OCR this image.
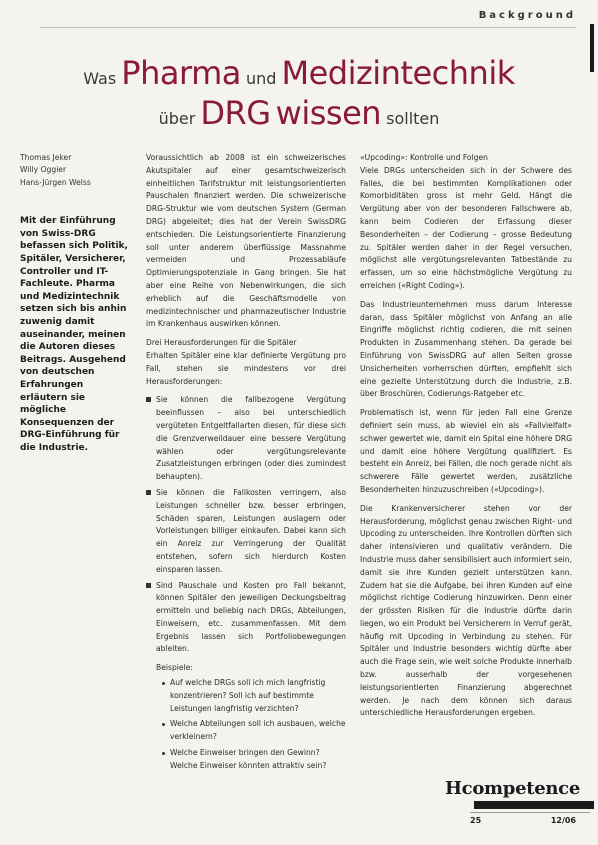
Background
Was Pharma und Medizintechnik
über DRG wissen sollten
Thomas Jeker
Willy Oggier
Hans-Jürgen Welss
Mit der Einführung von Swiss-DRG befassen sich Politik, Spitäler, Versicherer, Controller und IT-Fachleute. Pharma und Medizintechnik setzen sich bis anhin zuwenig damit auseinander, meinen die Autoren dieses Beitrags. Ausgehend von deutschen Erfahrungen erläutern sie mögliche Konsequenzen der DRG-Einführung für die Industrie.

Voraussichtlich ab 2008 ist ein schweizerisches Akutspitaler auf einer gesamtschweizerisch einheitlichen Tarifstruktur mit leistungsorientierten Pauschalen finanziert werden. Die schweizerische DRG-Struktur wie vom deutschen System (German DRG) abgeleitet; dies hat der Verein SwissDRG entschieden. Die Leistungsorientierte Finanzierung soll unter anderem überflüssige Massnahme vermeiden und Prozessabläufe Optimierungspotenziale in Gang bringen. Sie hat aber eine Reihe von Nebenwirkungen, die sich erheblich auf die Geschäftsmodelle von medizintechnischer und pharmazeutischer Industrie im Krankenhaus auswirken können.

Drei Herausforderungen für die Spitäler

Erhalten Spitäler eine klar definierte Vergütung pro Fall, stehen sie mindestens vor drei Herausforderungen:

Sie können die fallbezogene Vergütung beeinflussen – also bei unterschiedlich vergüteten Entgeltfallarten diesen, für diese sich die Grenzverweildauer eine bessere Vergütung wählen oder vergütungsrelevante Zusatzleistungen erbringen (oder dies zumindest behaupten).
Sie können die Fallkosten verringern, also Leistungen schneller bzw. besser erbringen, Schäden sparen, Leistungen auslagern oder Vorleistungen billiger einkaufen. Dabei kann sich ein Anreiz zur Verringerung der Qualität entstehen, sofern sich hierdurch Kosten einsparen lassen.
Sind Pauschale und Kosten pro Fall bekannt, können Spitäler den jeweiligen Deckungsbeitrag ermitteln und beliebig nach DRGs, Abteilungen, Einweisern, etc. zusammenfassen. Mit dem Ergebnis lassen sich Portfoliobewegungen ableiten.
Beispiele:
Auf welche DRGs soll ich mich langfristig konzentrieren? Soll ich auf bestimmte Leistungen langfristig verzichten?
Welche Abteilungen soll ich ausbauen, welche verkleinern?
Welche Einweiser bringen den Gewinn? Welche Einweiser könnten attraktiv sein?

«Upcoding»: Kontrolle und Folgen

Viele DRGs unterscheiden sich in der Schwere des Falles, die bei bestimmten Komplikationen oder Komorbiditäten gross ist mehr Geld. Hängt die Vergütung aber von der besonderen Fallschwere ab, kann beim Codieren der Erfassung dieser Besonderheiten – der Codierung – grosse Bedeutung zu. Spitäler werden daher in der Regel versuchen, möglichst alle vergütungsrelevanten Tatbestände zu erfassen, um so eine höchstmögliche Vergütung zu erreichen («Right Coding»).

Das Industrieunternehmen muss darum Interesse daran, dass Spitäler möglichst von Anfang an alle Eingriffe möglichst richtig codieren, die mit seinen Produkten in Zusammenhang stehen. Da gerade bei Einführung von SwissDRG auf allen Seiten grosse Unsicherheiten vorherrschen dürften, empfiehlt sich eine gezielte Unterstützung durch die Industrie, z.B. über Broschüren, Codierungs-Ratgeber etc.

Problematisch ist, wenn für jeden Fall eine Grenze definiert sein muss, ab wieviel ein als «Fallvielfalt» schwer gewertet wie, damit ein Spital eine höhere DRG und damit eine höhere Vergütung qualifiziert. Es besteht ein Anreiz, bei Fällen, die noch gerade nicht als schwerere Fälle gewertet werden, zusätzliche Besonderheiten hinzuzuschreiben («Upcoding»).

Die Krankenversicherer stehen vor der Herausforderung, möglichst genau zwischen Right- und Upcoding zu unterscheiden. Ihre Kontrollen dürften sich daher intensivieren und qualitativ verändern. Die Industrie muss daher sensibilisiert auch informiert sein, damit sie ihre Kunden gezielt unterstützen kann. Zudem hat sie die Aufgabe, bei ihren Kunden auf eine möglichst richtige Codierung hinzuwirken. Denn einer der grössten Risiken für die Industrie dürfte darin liegen, wo ein Produkt bei Versicherern in Verruf gerät, häufig mit Upcoding in Verbindung zu stehen. Für Spitäler und Industrie besonders wichtig dürfte aber auch die Frage sein, wie weit solche Produkte innerhalb bzw. ausserhalb der vorgesehenen leistungsorientierten Finanzierung abgerechnet werden. Je nach dem können sich daraus unterschiedliche Herausforderungen ergeben.

Hcompetence
25	12/06
